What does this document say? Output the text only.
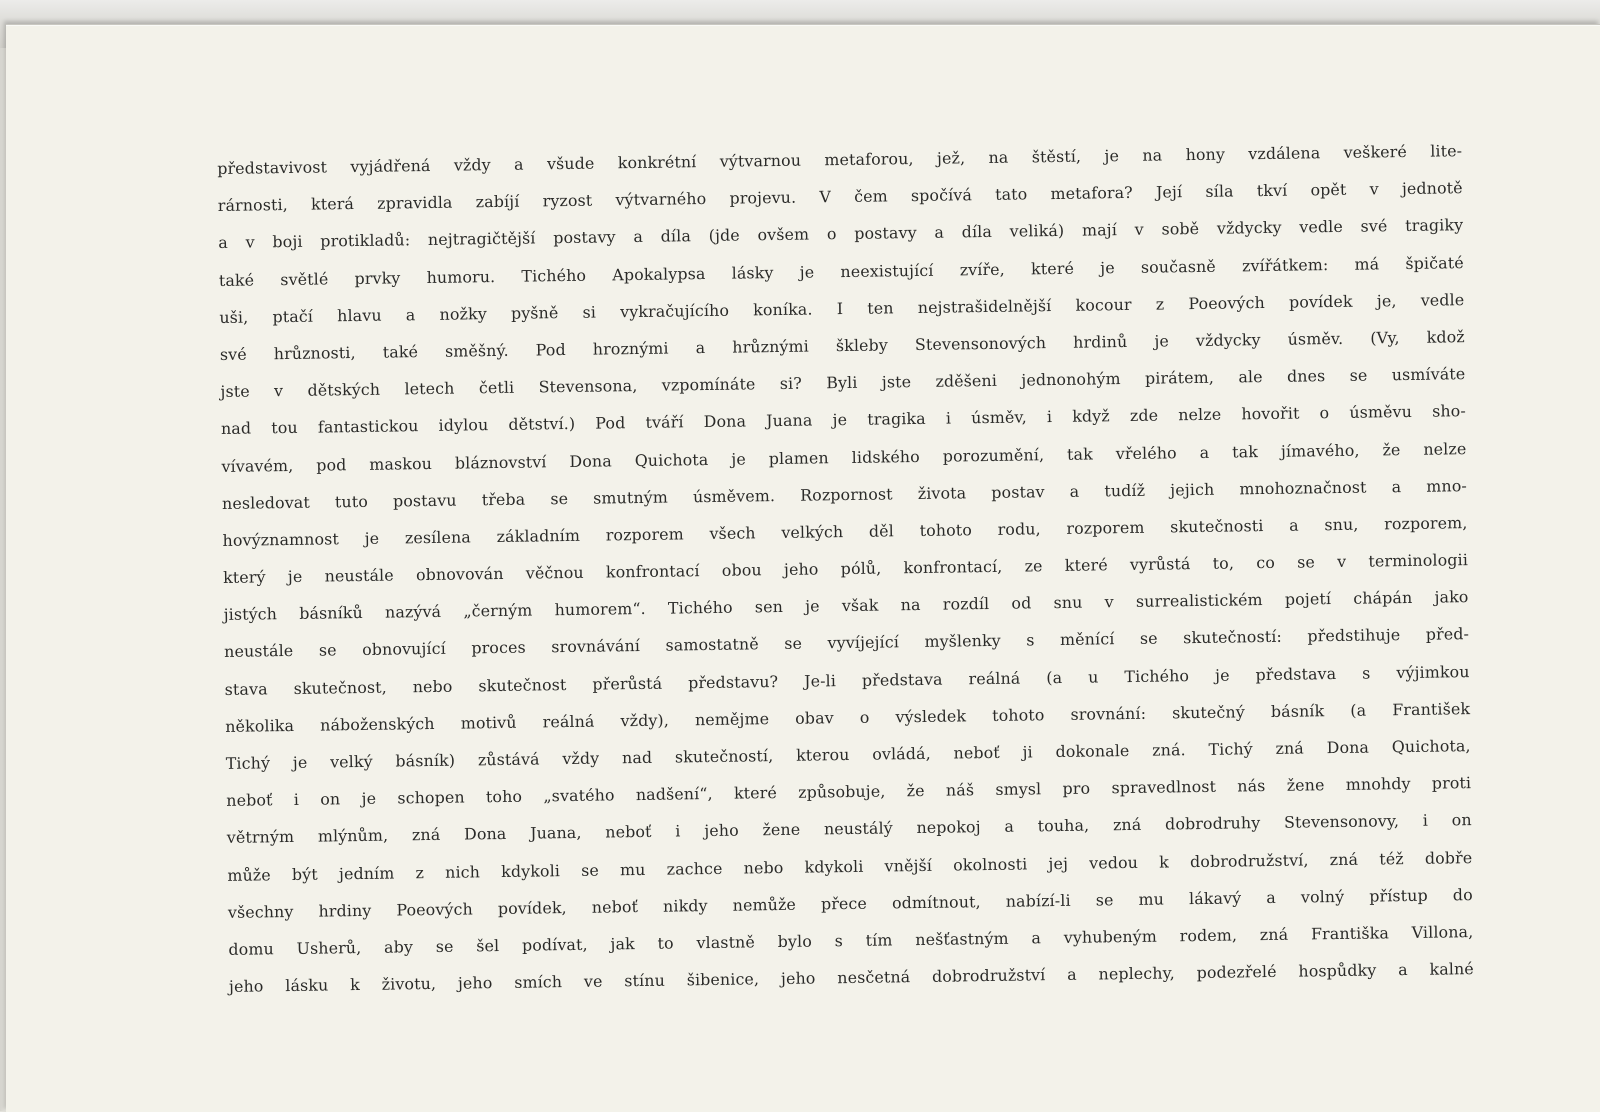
představivost vyjádřená vždy a všude konkrétní výtvarnou metaforou, jež, na štěstí, je na hony vzdálena veškeré lite-
rárnosti, která zpravidla zabíjí ryzost výtvarného projevu. V čem spočívá tato metafora? Její síla tkví opět v jednotě
a v boji protikladů: nejtragičtější postavy a díla (jde ovšem o postavy a díla veliká) mají v sobě vždycky vedle své tragiky
také světlé prvky humoru. Tichého Apokalypsa lásky je neexistující zvíře, které je současně zvířátkem: má špičaté
uši, ptačí hlavu a nožky pyšně si vykračujícího koníka. I ten nejstrašidelnější kocour z Poeových povídek je, vedle
své hrůznosti, také směšný. Pod hroznými a hrůznými škleby Stevensonových hrdinů je vždycky úsměv. (Vy, kdož
jste v dětských letech četli Stevensona, vzpomínáte si? Byli jste zděšeni jednonohým pirátem, ale dnes se usmíváte
nad tou fantastickou idylou dětství.) Pod tváří Dona Juana je tragika i úsměv, i když zde nelze hovořit o úsměvu sho-
vívavém, pod maskou bláznovství Dona Quichota je plamen lidského porozumění, tak vřelého a tak jímavého, že nelze
nesledovat tuto postavu třeba se smutným úsměvem. Rozpornost života postav a tudíž jejich mnohoznačnost a mno-
hovýznamnost je zesílena základním rozporem všech velkých děl tohoto rodu, rozporem skutečnosti a snu, rozporem,
který je neustále obnovován věčnou konfrontací obou jeho pólů, konfrontací, ze které vyrůstá to, co se v terminologii
jistých básníků nazývá „černým humorem“. Tichého sen je však na rozdíl od snu v surrealistickém pojetí chápán jako
neustále se obnovující proces srovnávání samostatně se vyvíjející myšlenky s měnící se skutečností: předstihuje před-
stava skutečnost, nebo skutečnost přerůstá představu? Je-li představa reálná (a u Tichého je představa s výjimkou
několika náboženských motivů reálná vždy), nemějme obav o výsledek tohoto srovnání: skutečný básník (a František
Tichý je velký básník) zůstává vždy nad skutečností, kterou ovládá, neboť ji dokonale zná. Tichý zná Dona Quichota,
neboť i on je schopen toho „svatého nadšení“, které způsobuje, že náš smysl pro spravedlnost nás žene mnohdy proti
větrným mlýnům, zná Dona Juana, neboť i jeho žene neustálý nepokoj a touha, zná dobrodruhy Stevensonovy, i on
může být jedním z nich kdykoli se mu zachce nebo kdykoli vnější okolnosti jej vedou k dobrodružství, zná též dobře
všechny hrdiny Poeových povídek, neboť nikdy nemůže přece odmítnout, nabízí-li se mu lákavý a volný přístup do
domu Usherů, aby se šel podívat, jak to vlastně bylo s tím nešťastným a vyhubeným rodem, zná Františka Villona,
jeho lásku k životu, jeho smích ve stínu šibenice, jeho nesčetná dobrodružství a neplechy, podezřelé hospůdky a kalné
